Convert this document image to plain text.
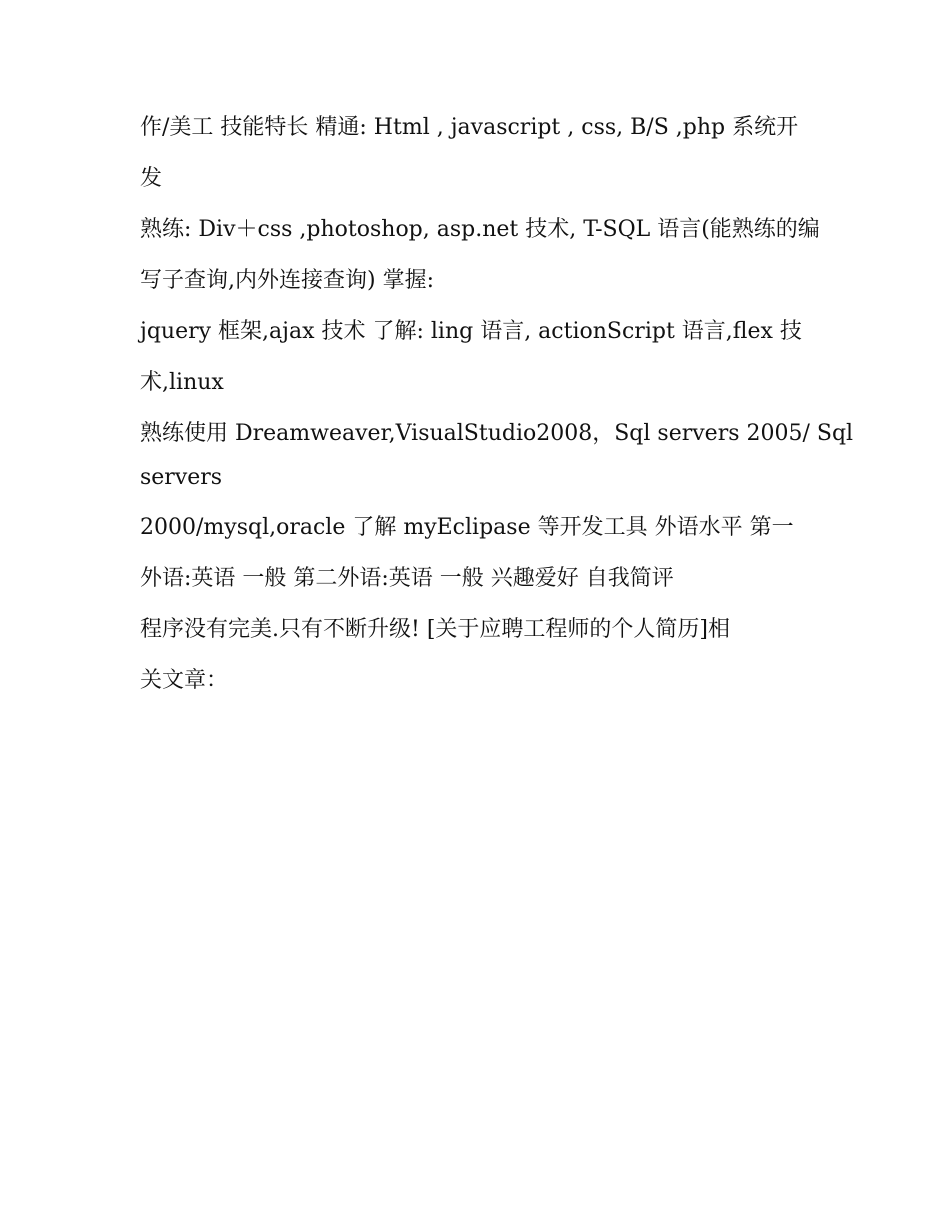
作/美工 技能特长 精通: Html , javascript , css, B/S ,php 系统开
发
熟练: Div＋css ,photoshop, asp.net 技术, T-SQL 语言(能熟练的编
写子查询,内外连接查询) 掌握:
jquery 框架,ajax 技术 了解: ling 语言, actionScript 语言,flex 技
术,linux
熟练使用 Dreamweaver,VisualStudio2008，Sql servers 2005/ Sql
servers
2000/mysql,oracle 了解 myEclipase 等开发工具 外语水平 第一
外语:英语 一般 第二外语:英语 一般 兴趣爱好 自我简评
程序没有完美.只有不断升级! [关于应聘工程师的个人简历]相
关文章：
